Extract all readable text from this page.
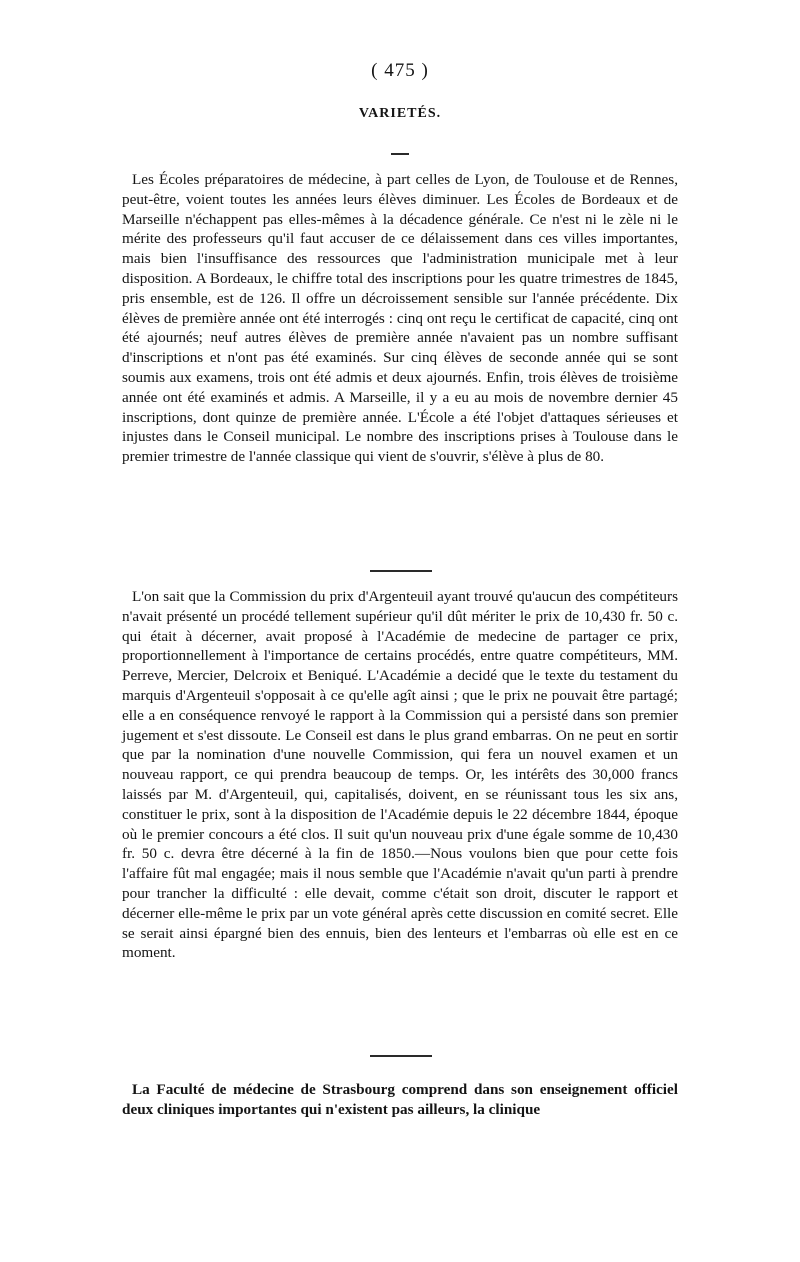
( 475 )
VARIETÉS.

Les Écoles préparatoires de médecine, à part celles de Lyon, de Toulouse et de Rennes, peut-être, voient toutes les années leurs élèves diminuer. Les Écoles de Bordeaux et de Marseille n'échappent pas elles-mêmes à la décadence générale. Ce n'est ni le zèle ni le mérite des professeurs qu'il faut accuser de ce délaissement dans ces villes importantes, mais bien l'insuffisance des ressources que l'administration municipale met à leur disposition. A Bordeaux, le chiffre total des inscriptions pour les quatre trimestres de 1845, pris ensemble, est de 126. Il offre un décroissement sensible sur l'année précédente. Dix élèves de première année ont été interrogés : cinq ont reçu le certificat de capacité, cinq ont été ajournés; neuf autres élèves de première année n'avaient pas un nombre suffisant d'inscriptions et n'ont pas été examinés. Sur cinq élèves de seconde année qui se sont soumis aux examens, trois ont été admis et deux ajournés. Enfin, trois élèves de troisième année ont été examinés et admis. A Marseille, il y a eu au mois de novembre dernier 45 inscriptions, dont quinze de première année. L'École a été l'objet d'attaques sérieuses et injustes dans le Conseil municipal. Le nombre des inscriptions prises à Toulouse dans le premier trimestre de l'année classique qui vient de s'ouvrir, s'élève à plus de 80.

L'on sait que la Commission du prix d'Argenteuil ayant trouvé qu'aucun des compétiteurs n'avait présenté un procédé tellement supérieur qu'il dût mériter le prix de 10,430 fr. 50 c. qui était à décerner, avait proposé à l'Académie de medecine de partager ce prix, proportionnellement à l'importance de certains procédés, entre quatre compétiteurs, MM. Perreve, Mercier, Delcroix et Beniqué. L'Académie a decidé que le texte du testament du marquis d'Argenteuil s'opposait à ce qu'elle agît ainsi ; que le prix ne pouvait être partagé; elle a en conséquence renvoyé le rapport à la Commission qui a persisté dans son premier jugement et s'est dissoute. Le Conseil est dans le plus grand embarras. On ne peut en sortir que par la nomination d'une nouvelle Commission, qui fera un nouvel examen et un nouveau rapport, ce qui prendra beaucoup de temps. Or, les intérêts des 30,000 francs laissés par M. d'Argenteuil, qui, capitalisés, doivent, en se réunissant tous les six ans, constituer le prix, sont à la disposition de l'Académie depuis le 22 décembre 1844, époque où le premier concours a été clos. Il suit qu'un nouveau prix d'une égale somme de 10,430 fr. 50 c. devra être décerné à la fin de 1850.—Nous voulons bien que pour cette fois l'affaire fût mal engagée; mais il nous semble que l'Académie n'avait qu'un parti à prendre pour trancher la difficulté : elle devait, comme c'était son droit, discuter le rapport et décerner elle-même le prix par un vote général après cette discussion en comité secret. Elle se serait ainsi épargné bien des ennuis, bien des lenteurs et l'embarras où elle est en ce moment.

La Faculté de médecine de Strasbourg comprend dans son enseignement officiel deux cliniques importantes qui n'existent pas ailleurs, la clinique
